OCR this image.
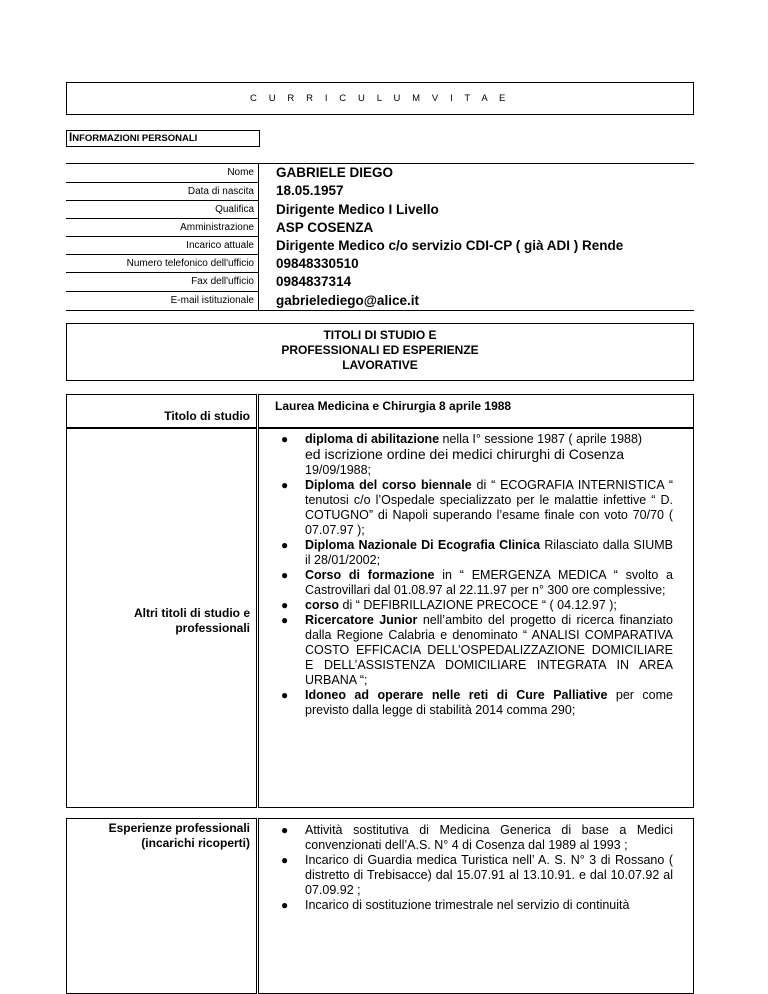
C U R R I C U L U M V I T A E
INFORMAZIONI PERSONALI
Nome
Data di nascita
Qualifica
Amministrazione
Incarico attuale
Numero telefonico dell'ufficio
Fax dell'ufficio
E-mail istituzionale
GABRIELE DIEGO
18.05.1957
Dirigente Medico I Livello
ASP COSENZA
Dirigente Medico c/o servizio CDI-CP ( già ADI ) Rende
09848330510
0984837314
gabrielediego@alice.it
TITOLI DI STUDIO E
PROFESSIONALI ED ESPERIENZE
LAVORATIVE
Titolo di studio
Laurea Medicina e Chirurgia 8 aprile 1988
Altri titoli di studio e
professionali
● diploma di abilitazione nella I° sessione 1987 ( aprile 1988)
ed iscrizione ordine dei medici chirurghi di Cosenza
19/09/1988;
● Diploma del corso biennale di “ ECOGRAFIA INTERNISTICA “ tenutosi c/o l’Ospedale specializzato per le malattie infettive “ D. COTUGNO” di Napoli superando l’esame finale con voto 70/70 ( 07.07.97 );
● Diploma Nazionale Di Ecografia Clinica Rilasciato dalla SIUMB il 28/01/2002;
● Corso di formazione in “ EMERGENZA MEDICA “ svolto a Castrovillari dal 01.08.97 al 22.11.97 per n° 300 ore complessive;
● corso di “ DEFIBRILLAZIONE PRECOCE “ ( 04.12.97 );
● Ricercatore Junior nell’ambito del progetto di ricerca finanziato dalla Regione Calabria e denominato “ ANALISI COMPARATIVA COSTO EFFICACIA DELL’OSPEDALIZZAZIONE DOMICILIARE E DELL’ASSISTENZA DOMICILIARE INTEGRATA IN AREA URBANA “;
● Idoneo ad operare nelle reti di Cure Palliative per come previsto dalla legge di stabilità 2014 comma 290;
Esperienze professionali
(incarichi ricoperti)
● Attività sostitutiva di Medicina Generica di base a Medici convenzionati dell’A.S. N° 4 di Cosenza dal 1989 al 1993 ;
● Incarico di Guardia medica Turistica nell’ A. S. N° 3 di Rossano ( distretto di Trebisacce) dal 15.07.91 al 13.10.91. e dal 10.07.92 al 07.09.92 ;
● Incarico di sostituzione trimestrale nel servizio di continuità
